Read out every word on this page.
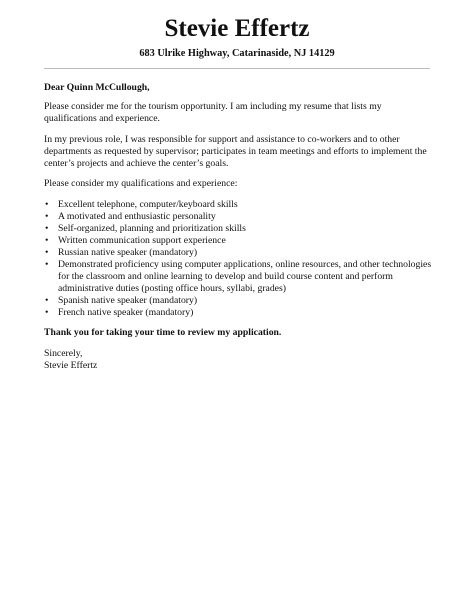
Stevie Effertz
683 Ulrike Highway, Catarinaside, NJ 14129

Dear Quinn McCullough,

Please consider me for the tourism opportunity. I am including my resume that lists my qualifications and experience.

In my previous role, I was responsible for support and assistance to co-workers and to other departments as requested by supervisor; participates in team meetings and efforts to implement the center’s projects and achieve the center’s goals.

Please consider my qualifications and experience:

• Excellent telephone, computer/keyboard skills
• A motivated and enthusiastic personality
• Self-organized, planning and prioritization skills
• Written communication support experience
• Russian native speaker (mandatory)
• Demonstrated proficiency using computer applications, online resources, and other technologies for the classroom and online learning to develop and build course content and perform administrative duties (posting office hours, syllabi, grades)
• Spanish native speaker (mandatory)
• French native speaker (mandatory)

Thank you for taking your time to review my application.

Sincerely,

Stevie Effertz
